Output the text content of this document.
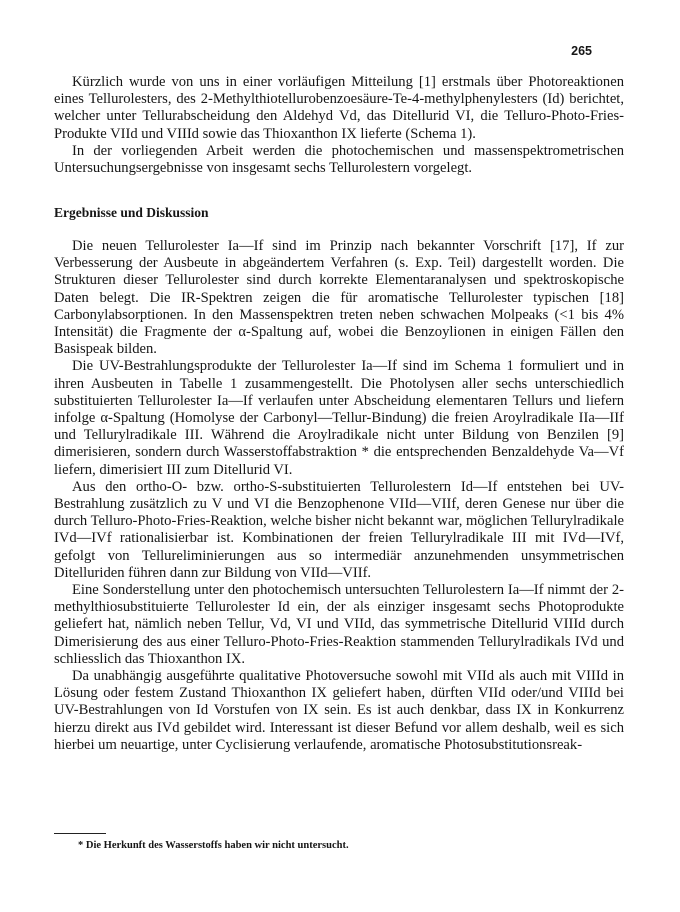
265

Kürzlich wurde von uns in einer vorläufigen Mitteilung [1] erstmals über Photoreaktionen eines Tellurolesters, des 2-Methylthiotellurobenzoesäure-Te-4-methylphenylesters (Id) berichtet, welcher unter Tellurabscheidung den Aldehyd Vd, das Ditellurid VI, die Telluro-Photo-Fries-Produkte VIId und VIIId sowie das Thioxanthon IX lieferte (Schema 1).

In der vorliegenden Arbeit werden die photochemischen und massenspektrometrischen Untersuchungsergebnisse von insgesamt sechs Tellurolestern vorgelegt.

Ergebnisse und Diskussion

Die neuen Tellurolester Ia—If sind im Prinzip nach bekannter Vorschrift [17], If zur Verbesserung der Ausbeute in abgeändertem Verfahren (s. Exp. Teil) dargestellt worden. Die Strukturen dieser Tellurolester sind durch korrekte Elementaranalysen und spektroskopische Daten belegt. Die IR-Spektren zeigen die für aromatische Tellurolester typischen [18] Carbonylabsorptionen. In den Massenspektren treten neben schwachen Molpeaks (<1 bis 4% Intensität) die Fragmente der α-Spaltung auf, wobei die Benzoylionen in einigen Fällen den Basispeak bilden.

Die UV-Bestrahlungsprodukte der Tellurolester Ia—If sind im Schema 1 formuliert und in ihren Ausbeuten in Tabelle 1 zusammengestellt. Die Photolysen aller sechs unterschiedlich substituierten Tellurolester Ia—If verlaufen unter Abscheidung elementaren Tellurs und liefern infolge α-Spaltung (Homolyse der Carbonyl—Tellur-Bindung) die freien Aroylradikale IIa—IIf und Tellurylradikale III. Während die Aroylradikale nicht unter Bildung von Benzilen [9] dimerisieren, sondern durch Wasserstoffabstraktion * die entsprechenden Benzaldehyde Va—Vf liefern, dimerisiert III zum Ditellurid VI.

Aus den ortho-O- bzw. ortho-S-substituierten Tellurolestern Id—If entstehen bei UV-Bestrahlung zusätzlich zu V und VI die Benzophenone VIId—VIIf, deren Genese nur über die durch Telluro-Photo-Fries-Reaktion, welche bisher nicht bekannt war, möglichen Tellurylradikale IVd—IVf rationalisierbar ist. Kombinationen der freien Tellurylradikale III mit IVd—IVf, gefolgt von Tellureliminierungen aus so intermediär anzunehmenden unsymmetrischen Ditelluriden führen dann zur Bildung von VIId—VIIf.

Eine Sonderstellung unter den photochemisch untersuchten Tellurolestern Ia—If nimmt der 2-methylthiosubstituierte Tellurolester Id ein, der als einziger insgesamt sechs Photoprodukte geliefert hat, nämlich neben Tellur, Vd, VI und VIId, das symmetrische Ditellurid VIIId durch Dimerisierung des aus einer Telluro-Photo-Fries-Reaktion stammenden Tellurylradikals IVd und schliesslich das Thioxanthon IX.

Da unabhängig ausgeführte qualitative Photoversuche sowohl mit VIId als auch mit VIIId in Lösung oder festem Zustand Thioxanthon IX geliefert haben, dürften VIId oder/und VIIId bei UV-Bestrahlungen von Id Vorstufen von IX sein. Es ist auch denkbar, dass IX in Konkurrenz hierzu direkt aus IVd gebildet wird. Interessant ist dieser Befund vor allem deshalb, weil es sich hierbei um neuartige, unter Cyclisierung verlaufende, aromatische Photosubstitutionsreak-

* Die Herkunft des Wasserstoffs haben wir nicht untersucht.
